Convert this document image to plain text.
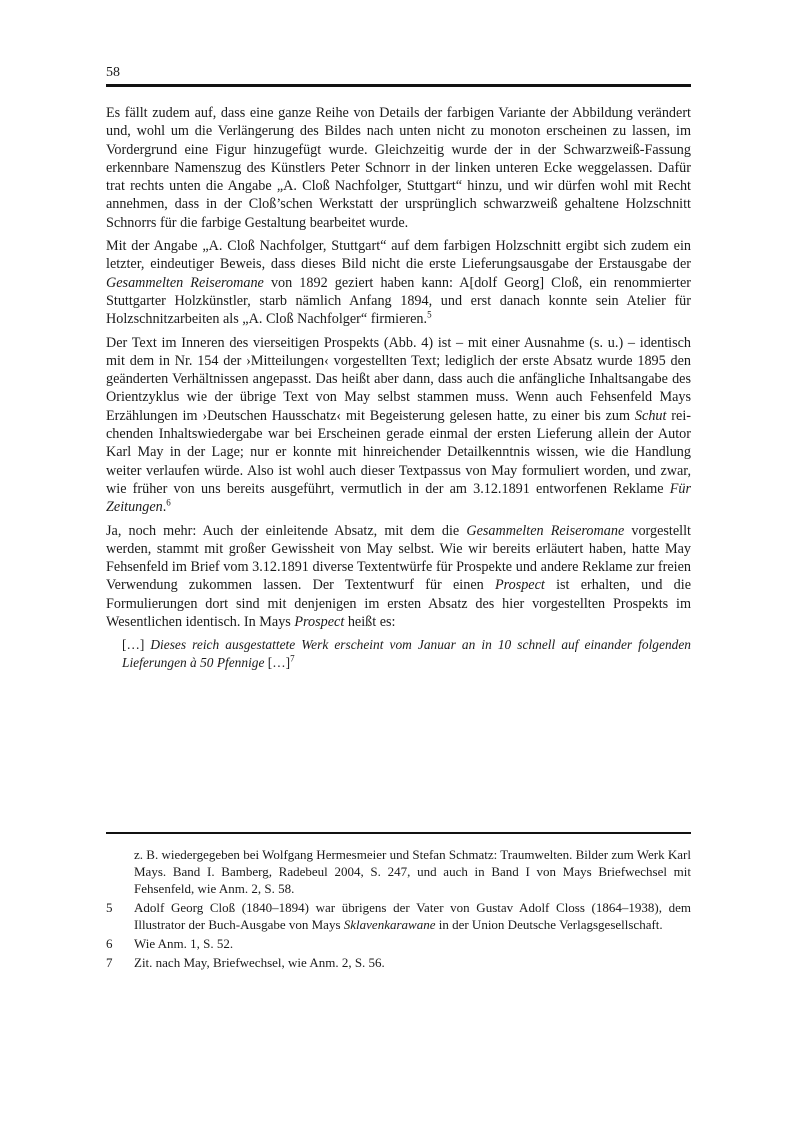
58

Es fällt zudem auf, dass eine ganze Reihe von Details der farbigen Variante der Abbildung verändert und, wohl um die Verlängerung des Bildes nach unten nicht zu monoton erscheinen zu lassen, im Vordergrund eine Figur hinzugefügt wurde. Gleichzeitig wurde der in der Schwarzweiß-Fassung erkennbare Namenszug des Künstlers Peter Schnorr in der linken unteren Ecke weggelassen. Dafür trat rechts unten die Angabe „A. Cloß Nachfolger, Stuttgart“ hinzu, und wir dürfen wohl mit Recht annehmen, dass in der Cloß’schen Werkstatt der ursprünglich schwarzweiß gehaltene Holzschnitt Schnorrs für die farbige Gestaltung bearbeitet wurde.

Mit der Angabe „A. Cloß Nachfolger, Stuttgart“ auf dem farbigen Holzschnitt ergibt sich zudem ein letzter, eindeutiger Beweis, dass dieses Bild nicht die erste Lieferungsausgabe der Erstausgabe der Gesammelten Reiseromane von 1892 geziert haben kann: A[dolf Georg] Cloß, ein renommierter Stuttgarter Holzkünstler, starb nämlich Anfang 1894, und erst danach konnte sein Atelier für Holzschnitzarbeiten als „A. Cloß Nachfolger“ firmieren.$^5$

Der Text im Inneren des vierseitigen Prospekts (Abb. 4) ist – mit einer Ausnahme (s. u.) – identisch mit dem in Nr. 154 der ›Mitteilungen‹ vorgestellten Text; lediglich der erste Absatz wurde 1895 den geänderten Verhältnissen angepasst. Das heißt aber dann, dass auch die anfängliche Inhaltsangabe des Orientzyklus wie der übrige Text von May selbst stammen muss. Wenn auch Fehsenfeld Mays Erzählungen im ›Deutschen Hausschatz‹ mit Begeisterung gelesen hatte, zu einer bis zum Schut reichenden Inhaltswiedergabe war bei Erscheinen gerade einmal der ersten Lieferung allein der Autor Karl May in der Lage; nur er konnte mit hinreichender Detailkenntnis wissen, wie die Handlung weiter verlaufen würde. Also ist wohl auch dieser Textpassus von May formuliert worden, und zwar, wie früher von uns bereits ausgeführt, vermutlich in der am 3.12.1891 entworfenen Reklame Für Zeitungen.$^6$

Ja, noch mehr: Auch der einleitende Absatz, mit dem die Gesammelten Reiseromane vorgestellt werden, stammt mit großer Gewissheit von May selbst. Wie wir bereits erläutert haben, hatte May Fehsenfeld im Brief vom 3.12.1891 diverse Textentwürfe für Prospekte und andere Reklame zur freien Verwendung zukommen lassen. Der Textentwurf für einen Prospect ist erhalten, und die Formulierungen dort sind mit denjenigen im ersten Absatz des hier vorgestellten Prospekts im Wesentlichen identisch. In Mays Prospect heißt es:

[…] Dieses reich ausgestattete Werk erscheint vom Januar an in 10 schnell auf einander folgenden Lieferungen à 50 Pfennige […]$^7$

z. B. wiedergegeben bei Wolfgang Hermesmeier und Stefan Schmatz: Traumwelten. Bilder zum Werk Karl Mays. Band I. Bamberg, Radebeul 2004, S. 247, und auch in Band I von Mays Briefwechsel mit Fehsenfeld, wie Anm. 2, S. 58.
5	Adolf Georg Cloß (1840–1894) war übrigens der Vater von Gustav Adolf Closs (1864–1938), dem Illustrator der Buch-Ausgabe von Mays Sklavenkarawane in der Union Deutsche Verlagsgesellschaft.
6	Wie Anm. 1, S. 52.
7	Zit. nach May, Briefwechsel, wie Anm. 2, S. 56.
